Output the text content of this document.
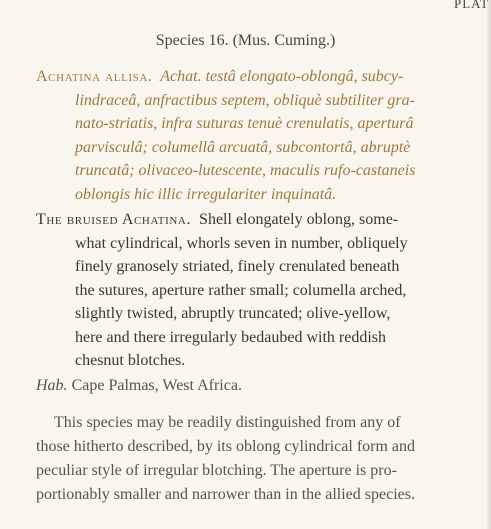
PLAT
Species 16. (Mus. Cuming.)
Achatina allisa. Achat. testâ elongato-oblongâ, subcy-
lindraceâ, anfractibus septem, obliquè subtiliter gra-
nato-striatis, infra suturas tenuè crenulatis, aperturâ
parvisculâ; columellâ arcuatâ, subcontortâ, abruptè
truncatâ; olivaceo-lutescente, maculis rufo-castaneis
oblongis hic illic irregulariter inquinatâ.
The bruised Achatina. Shell elongately oblong, some-
what cylindrical, whorls seven in number, obliquely
finely granosely striated, finely crenulated beneath
the sutures, aperture rather small; columella arched,
slightly twisted, abruptly truncated; olive-yellow,
here and there irregularly bedaubed with reddish
chesnut blotches.
Hab. Cape Palmas, West Africa.
This species may be readily distinguished from any of
those hitherto described, by its oblong cylindrical form and
peculiar style of irregular blotching. The aperture is pro-
portionably smaller and narrower than in the allied species.
